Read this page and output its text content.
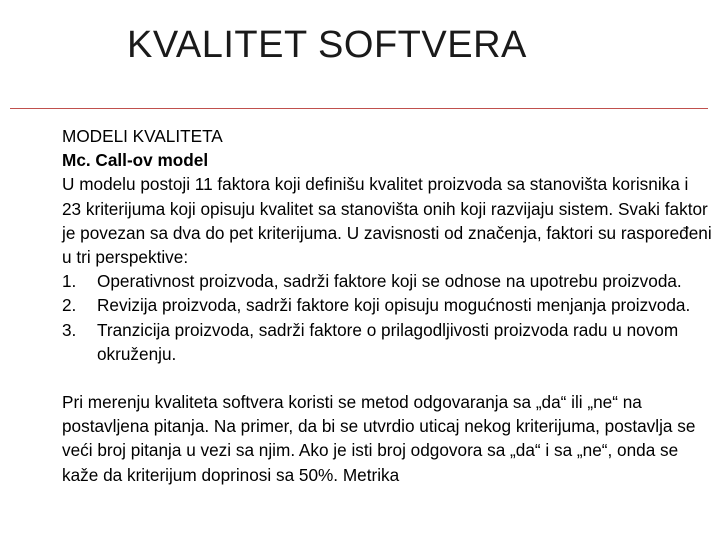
KVALITET SOFTVERA

MODELI KVALITETA

Mc. Call-ov model

U modelu postoji 11 faktora koji definišu kvalitet proizvoda sa stanovišta korisnika i 23 kriterijuma koji opisuju kvalitet sa stanovišta onih koji razvijaju sistem. Svaki faktor je povezan sa dva do pet kriterijuma. U zavisnosti od značenja, faktori su raspoređeni u tri perspektive:

1. Operativnost proizvoda, sadrži faktore koji se odnose na upotrebu proizvoda.
2. Revizija proizvoda, sadrži faktore koji opisuju mogućnosti menjanja proizvoda.
3. Tranzicija proizvoda, sadrži faktore o prilagodljivosti proizvoda radu u novom okruženju.

Pri merenju kvaliteta softvera koristi se metod odgovaranja sa „da“ ili „ne“ na postavljena pitanja. Na primer, da bi se utvrdio uticaj nekog kriterijuma, postavlja se veći broj pitanja u vezi sa njim. Ako je isti broj odgovora sa „da“ i sa „ne“, onda se kaže da kriterijum doprinosi sa 50%. Metrika
